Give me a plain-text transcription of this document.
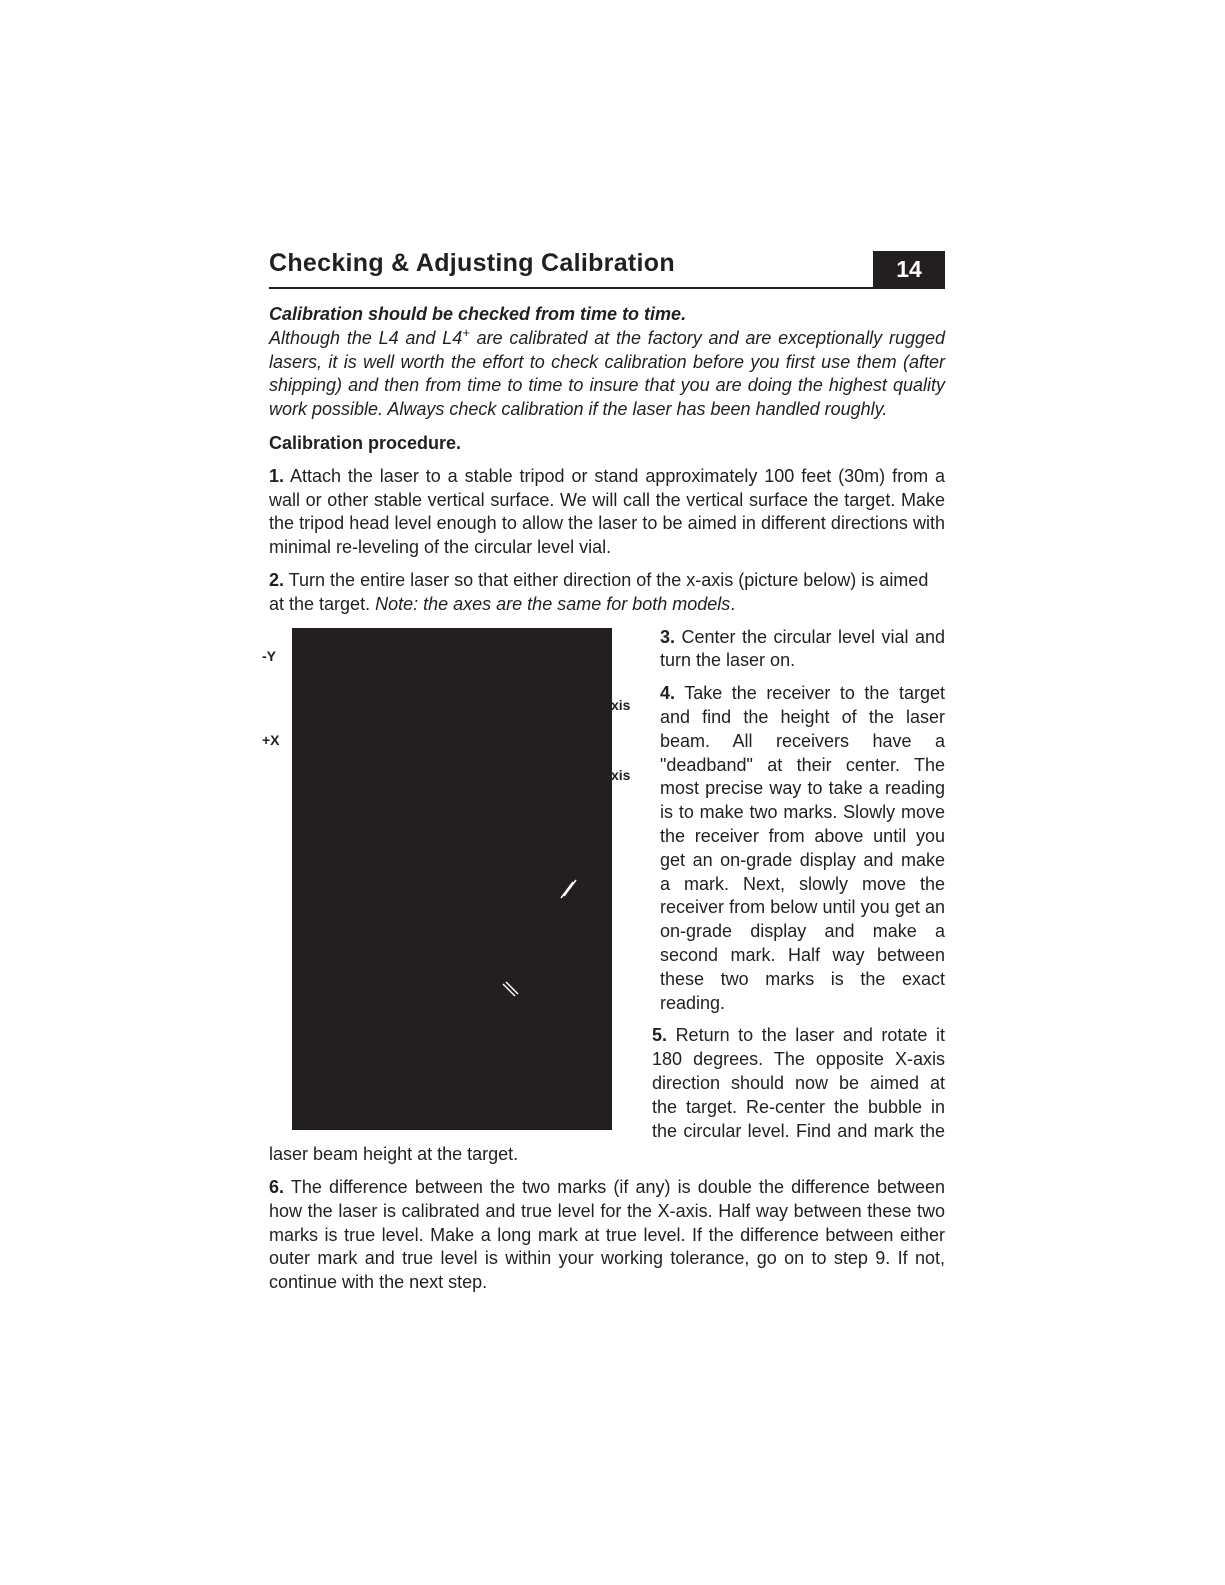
Checking & Adjusting Calibration	14
Calibration should be checked from time to time.

Although the L4 and L4+ are calibrated at the factory and are exceptionally rugged lasers, it is well worth the effort to check calibration before you first use them (after shipping) and then from time to time to insure that you are doing the highest quality work possible. Always check calibration if the laser has been handled roughly.

Calibration procedure.

1. Attach the laser to a stable tripod or stand approximately 100 feet (30m) from a wall or other stable vertical surface. We will call the vertical surface the target. Make the tripod head level enough to allow the laser to be aimed in different directions with minimal re-leveling of the circular level vial.

2. Turn the entire laser so that either direction of the x-axis (picture below) is aimed at the target. Note: the axes are the same for both models.

-Y
+X
xis
xis

3. Center the circular level vial and turn the laser on.

4. Take the receiver to the target and find the height of the laser beam. All receivers have a "deadband" at their center. The most precise way to take a reading is to make two marks. Slowly move the receiver from above until you get an on-grade display and make a mark. Next, slowly move the receiver from below until you get an on-grade display and make a second mark. Half way between these two marks is the exact reading.

5. Return to the laser and rotate it 180 degrees. The opposite X-axis direction should now be aimed at the target. Re-center the bubble in the circular level. Find and mark the laser beam height at the target.

6. The difference between the two marks (if any) is double the difference between how the laser is calibrated and true level for the X-axis. Half way between these two marks is true level. Make a long mark at true level. If the difference between either outer mark and true level is within your working tolerance, go on to step 9. If not, continue with the next step.
